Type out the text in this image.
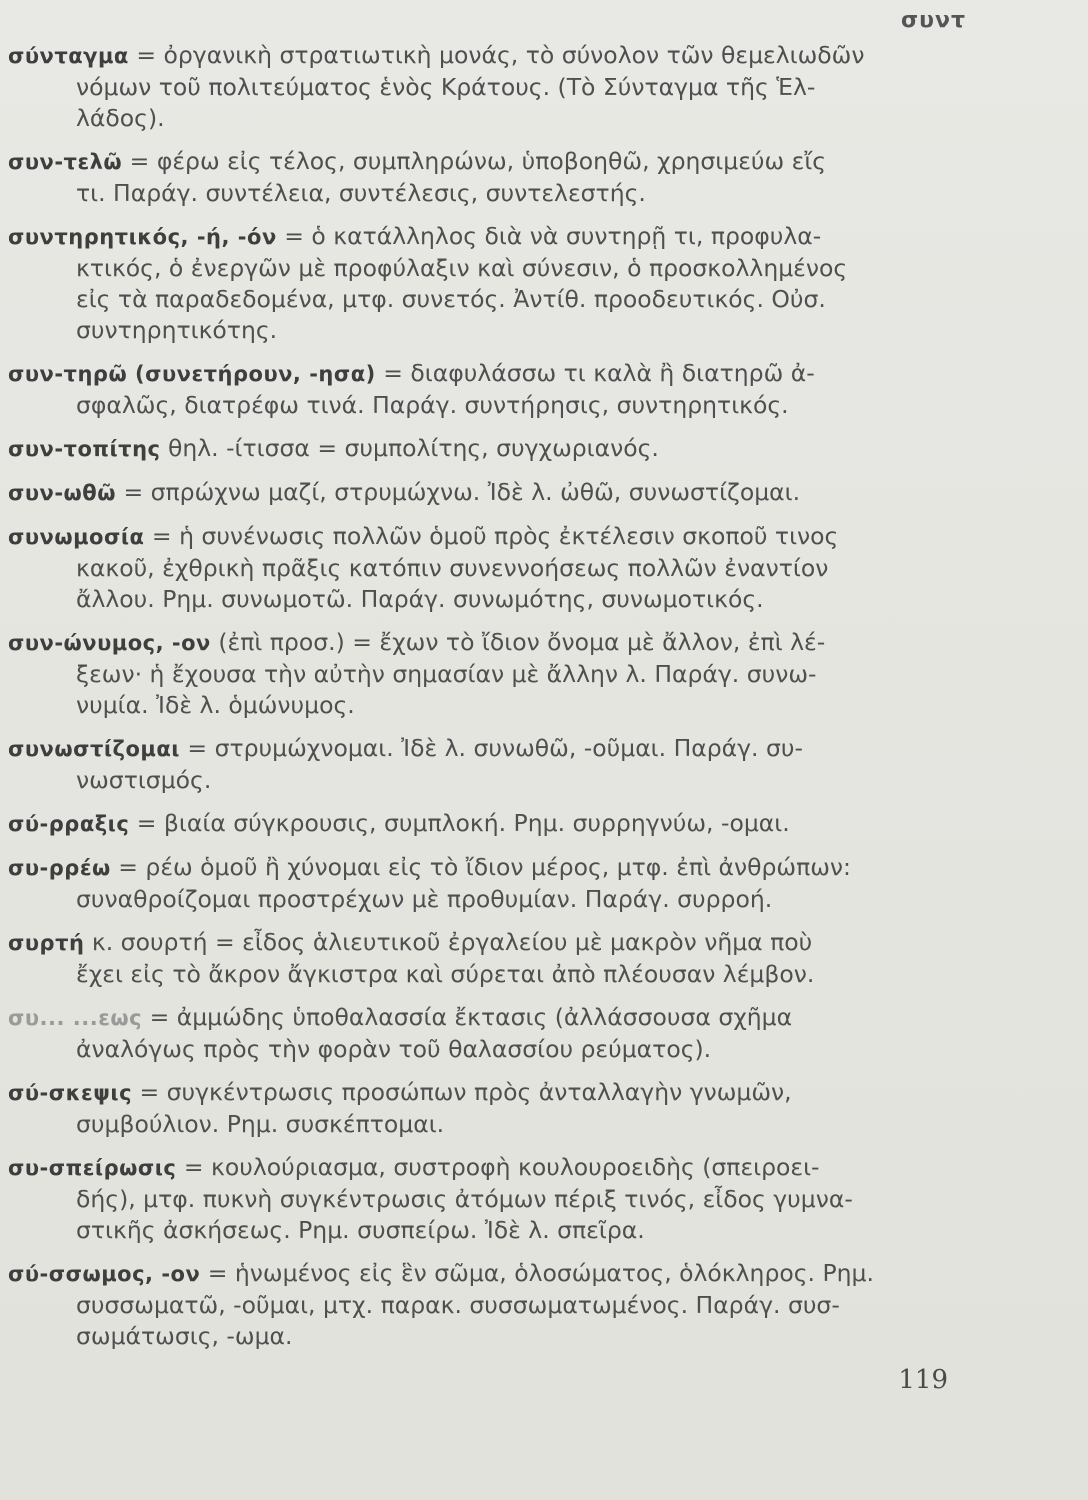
συντ
σύνταγμα = ὀργανικὴ στρατιωτικὴ μονάς, τὸ σύνολον τῶν θεμελιωδῶν
νόμων τοῦ πολιτεύματος ἑνὸς Κράτους. (Τὸ Σύνταγμα τῆς Ἑλ-
λάδος).
συν-τελῶ = φέρω εἰς τέλος, συμπληρώνω, ὑποβοηθῶ, χρησιμεύω εἴς
τι. Παράγ. συντέλεια, συντέλεσις, συντελεστής.
συντηρητικός, -ή, -όν = ὁ κατάλληλος διὰ νὰ συντηρῇ τι, προφυλα-
κτικός, ὁ ἐνεργῶν μὲ προφύλαξιν καὶ σύνεσιν, ὁ προσκολλημένος
εἰς τὰ παραδεδομένα, μτφ. συνετός. Ἀντίθ. προοδευτικός. Οὐσ.
συντηρητικότης.
συν-τηρῶ (συνετήρουν, -ησα) = διαφυλάσσω τι καλὰ ἢ διατηρῶ ἀ-
σφαλῶς, διατρέφω τινά. Παράγ. συντήρησις, συντηρητικός.
συν-τοπίτης θηλ. -ίτισσα = συμπολίτης, συγχωριανός.
συν-ωθῶ = σπρώχνω μαζί, στρυμώχνω. Ἰδὲ λ. ὠθῶ, συνωστίζομαι.
συνωμοσία = ἡ συνένωσις πολλῶν ὁμοῦ πρὸς ἐκτέλεσιν σκοποῦ τινος
κακοῦ, ἐχθρικὴ πρᾶξις κατόπιν συνεννοήσεως πολλῶν ἐναντίον
ἄλλου. Ρημ. συνωμοτῶ. Παράγ. συνωμότης, συνωμοτικός.
συν-ώνυμος, -ον (ἐπὶ προσ.) = ἔχων τὸ ἴδιον ὄνομα μὲ ἄλλον, ἐπὶ λέ-
ξεων· ἡ ἔχουσα τὴν αὐτὴν σημασίαν μὲ ἄλλην λ. Παράγ. συνω-
νυμία. Ἰδὲ λ. ὁμώνυμος.
συνωστίζομαι = στρυμώχνομαι. Ἰδὲ λ. συνωθῶ, -οῦμαι. Παράγ. συ-
νωστισμός.
σύ-ρραξις = βιαία σύγκρουσις, συμπλοκή. Ρημ. συρρηγνύω, -ομαι.
συ-ρρέω = ρέω ὁμοῦ ἢ χύνομαι εἰς τὸ ἴδιον μέρος, μτφ. ἐπὶ ἀνθρώπων:
συναθροίζομαι προστρέχων μὲ προθυμίαν. Παράγ. συρροή.
συρτή κ. σουρτή = εἶδος ἁλιευτικοῦ ἐργαλείου μὲ μακρὸν νῆμα ποὺ
ἔχει εἰς τὸ ἄκρον ἄγκιστρα καὶ σύρεται ἀπὸ πλέουσαν λέμβον.
συ... ...εως = ἀμμώδης ὑποθαλασσία ἔκτασις (ἀλλάσσουσα σχῆμα
ἀναλόγως πρὸς τὴν φορὰν τοῦ θαλασσίου ρεύματος).
σύ-σκεψις = συγκέντρωσις προσώπων πρὸς ἀνταλλαγὴν γνωμῶν,
συμβούλιον. Ρημ. συσκέπτομαι.
συ-σπείρωσις = κουλούριασμα, συστροφὴ κουλουροειδὴς (σπειροει-
δής), μτφ. πυκνὴ συγκέντρωσις ἀτόμων πέριξ τινός, εἶδος γυμνα-
στικῆς ἀσκήσεως. Ρημ. συσπείρω. Ἰδὲ λ. σπεῖρα.
σύ-σσωμος, -ον = ἡνωμένος εἰς ἓν σῶμα, ὁλοσώματος, ὁλόκληρος. Ρημ.
συσσωματῶ, -οῦμαι, μτχ. παρακ. συσσωματωμένος. Παράγ. συσ-
σωμάτωσις, -ωμα.
119
